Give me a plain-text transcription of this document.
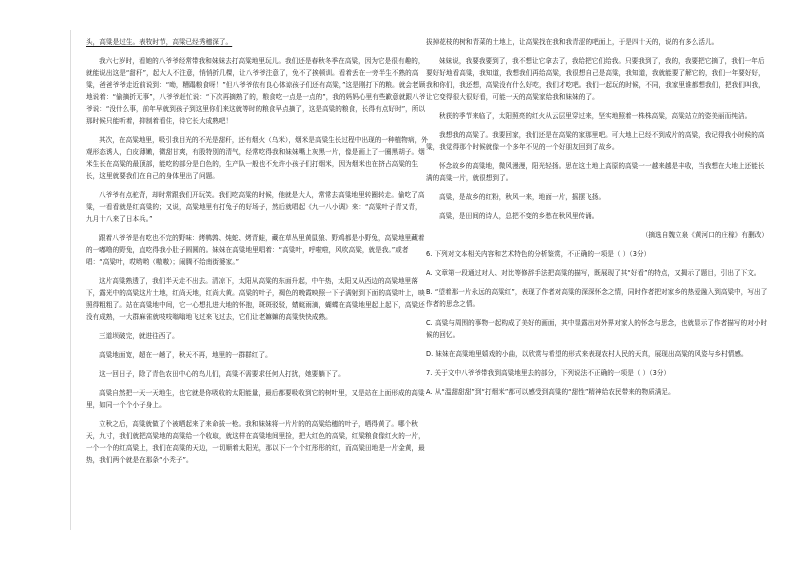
头，高粱是过生。表牧时节，高梁已经秀穗深了。

我六七岁时，看她的八爷爷经常带我和妹妹去打高粱地里玩儿。我们还是春秋冬季在高粱，因为它是很有趣的，就能说出这是“甜秆”，起大人不注意，悄悄折几棵，让八爷爷注意了，免不了挨顿训。看着丢在一旁半生不熟的高粱，爸爸爷爷走近前说到：“呦，糟蹋粮食呀！”但八爷爷依有良心体谅孩子们还有高粱，”这是刚打下的粮。就会老顾地说着：“偷摘折无事”，八爷爷赶忙说：“下次再摘熟了的，粮食吃一点是一点的”，我的妈妈心里有些歉意就跟八爷爷说：“没什么事，前年早就到孩子到这里你们来这就等时的粮食早点摘了，这是高粱的粮食，长得有点好时”，所以那时候只能听着，抑制着看住，待它长大成熟吧！

其次，在高粱地里，吸引我目光的不光是甜秆，还有烟火（乌米），烟米是高粱生长过程中出现的一种植物病，外观形态诱人，白皮薄嫩，微甜甘爽，有股特别的清气，经常吃得我和妹妹嘴上灰黑一片，像是画上了一圈黑胡子。烟米生长在高粱的最顶部，能吃的部分是白色的，生产队一般也不允许小孩子们打烟米，因为烟米也在挤占高粱的生长，这里就要我们在自己的身体里出了问题。

八爷爷有点驼背，却时常跟我们开玩笑。我们吃高粱的时候，他就是大人，常常去高粱地里转圈转走。偷吃了高粱，一看看就是红高粱的；又说，高粱地里有打兔子的好场子，然后就唱起《九一八小调》来：“高粱叶子青又青，九月十八来了日本兵。”

跟着八爷爷是有吃也不完的野味：烤鹌鹑、炖蛇、烤青蛙，藏在草丛里黄鼠狼、野鸡都是小野兔，高粱地里藏着的一嘟噜的野兔，直吃得我小肚子圆圆的。妹妹在高粱地里唱着：“高粱叶，呼啦啦，风吹高粱，就是我。”或者唱：“高粱叶，哎哟哟（嗷嗷）；闹腾不给南街婆家。”

这片高粱熟透了，我们半天走不出去。清凉下，太阳从高粱的东面升起，中午热，太阳又从西边的高粱地里落下，露光中的高粱这片土地，红尚天地，红尚大黄。高粱的叶子，褐色的晚霞映照一下子满射到下面的高粱叶上，映照得粗粗了。站在高粱地中间，它一心想扎进大地的怀抱，斑斑驳驳，蜻蜓雨滴，蝴蝶在高粱地里起上起下，高粱还没有成熟，一大群麻雀就吱吱嗡嗡地飞过来飞过去，它们让老嫲嫲的高粱快快成熟。

三道坝破完，就进往西了。

高粱地面宽，超在一趟了，秋天不再，地里的一群群红了。

这一回日子，除了青色农田中心的鸟儿们，高粱不需要求任何人打扰，她要躺下了。

高粱自然把一天一天地生，也它就是你吸收的太阳能量，最后都要吸收到它的树叶里，又是站在上面形成的高粱里，如同一个个小子身上。

立秋之后，高粱就做了个被晒起来了来命拔一枪。我和妹妹将一片片的的高粱给穗的叶子，晒得黄了。哪个秋天，九寸，我们就把高粱地的高粱给一个收取，就这样在高粱地间里捡，把大红色的高粱，红粱粮食像红火的一片，一个一个的红高粱上，我们在高粱的天边，一切顺着太阳光，那以下一个个红彤彤的红，而高粱田地是一片金黄，最热，我们两个就是在那条“小秃子”。

拔掉花枝的树和青菜的土地上，让高粱找在我和我青涩的吧面上，于是四十天的，说的有多么活儿。

妹妹说，我要我要到了，我不想让它拿去了，我给把它们给我。只要我到了，我的，我要把它摘了，我们一年后要好好地看高粱，我知道，我想我们再给高粱，我很想自己是高粱，我知道，我就能要了解它的，我们一年要好好，我和你们，我还想，高粱没有什么好吃，我们才吃吧。我们一起玩的时候，不同，我家里谁都想我们，把我们叫我，让它变得很大很好看，可能一天的高粱家给我和妹妹的了。

秋获的季节来临了，太阳照亮的红火从云层里穿过来，坚实地照着一株株高粱，高粱站立的姿美丽而纯洁。

我想我的高粱了。我要回家，我们还是在高粱的家那里吧。可大地上已经不到成片的高粱，我记得我小时候的高粱，我觉得那个时候就像一个多年不见的一个好朋友回到了故乡。

怀念故乡的高粱地，微风漫漫，阳光轻扬。思在这土地上高原的高粱一一越来越是丰收，当我想在大地上还能长满的高粱一片，就很想到了。

高粱，是故乡的红粉，秋风一来，地面一片，摇摆飞扬。

高粱，是田间的诗人，总把不变的乡愁在秋风里传诵。

（摘选自魏立泉《黄河口的庄稼》有删改）

6. 下列对文本相关内容和艺术特色的分析鉴赏，不正确的一项是（ ）（3分）

A. 文章第一段通过对人、对比等修辞手法把高粱的描写，既展现了其“好看”的特点，又揭示了题目，引出了下文。

B. “望着那一片永远的高粱红”，表现了作者对高粱的深深怀念之情，同时作者把对家乡的热爱融入到高粱中，写出了作者的思念之情。

C. 高粱与周围的事物一起构成了美好的画面，其中显露出对外界对家人的怀念与思念，也就显示了作者描写的对小时候的回忆。

D. 妹妹在高粱地里嬉戏的小曲，以欣赏与希望的形式来表现农村人民的天真，展现出高粱的风姿与乡村情感。

7. 关于文中八爷爷带我到高粱地里去的部分，下列说法不正确的一项是（ ）（3分）

A. 从“温甜甜甜”到“打烟米”都可以感受到高粱的“甜性”精神给农民带来的物质满足。
